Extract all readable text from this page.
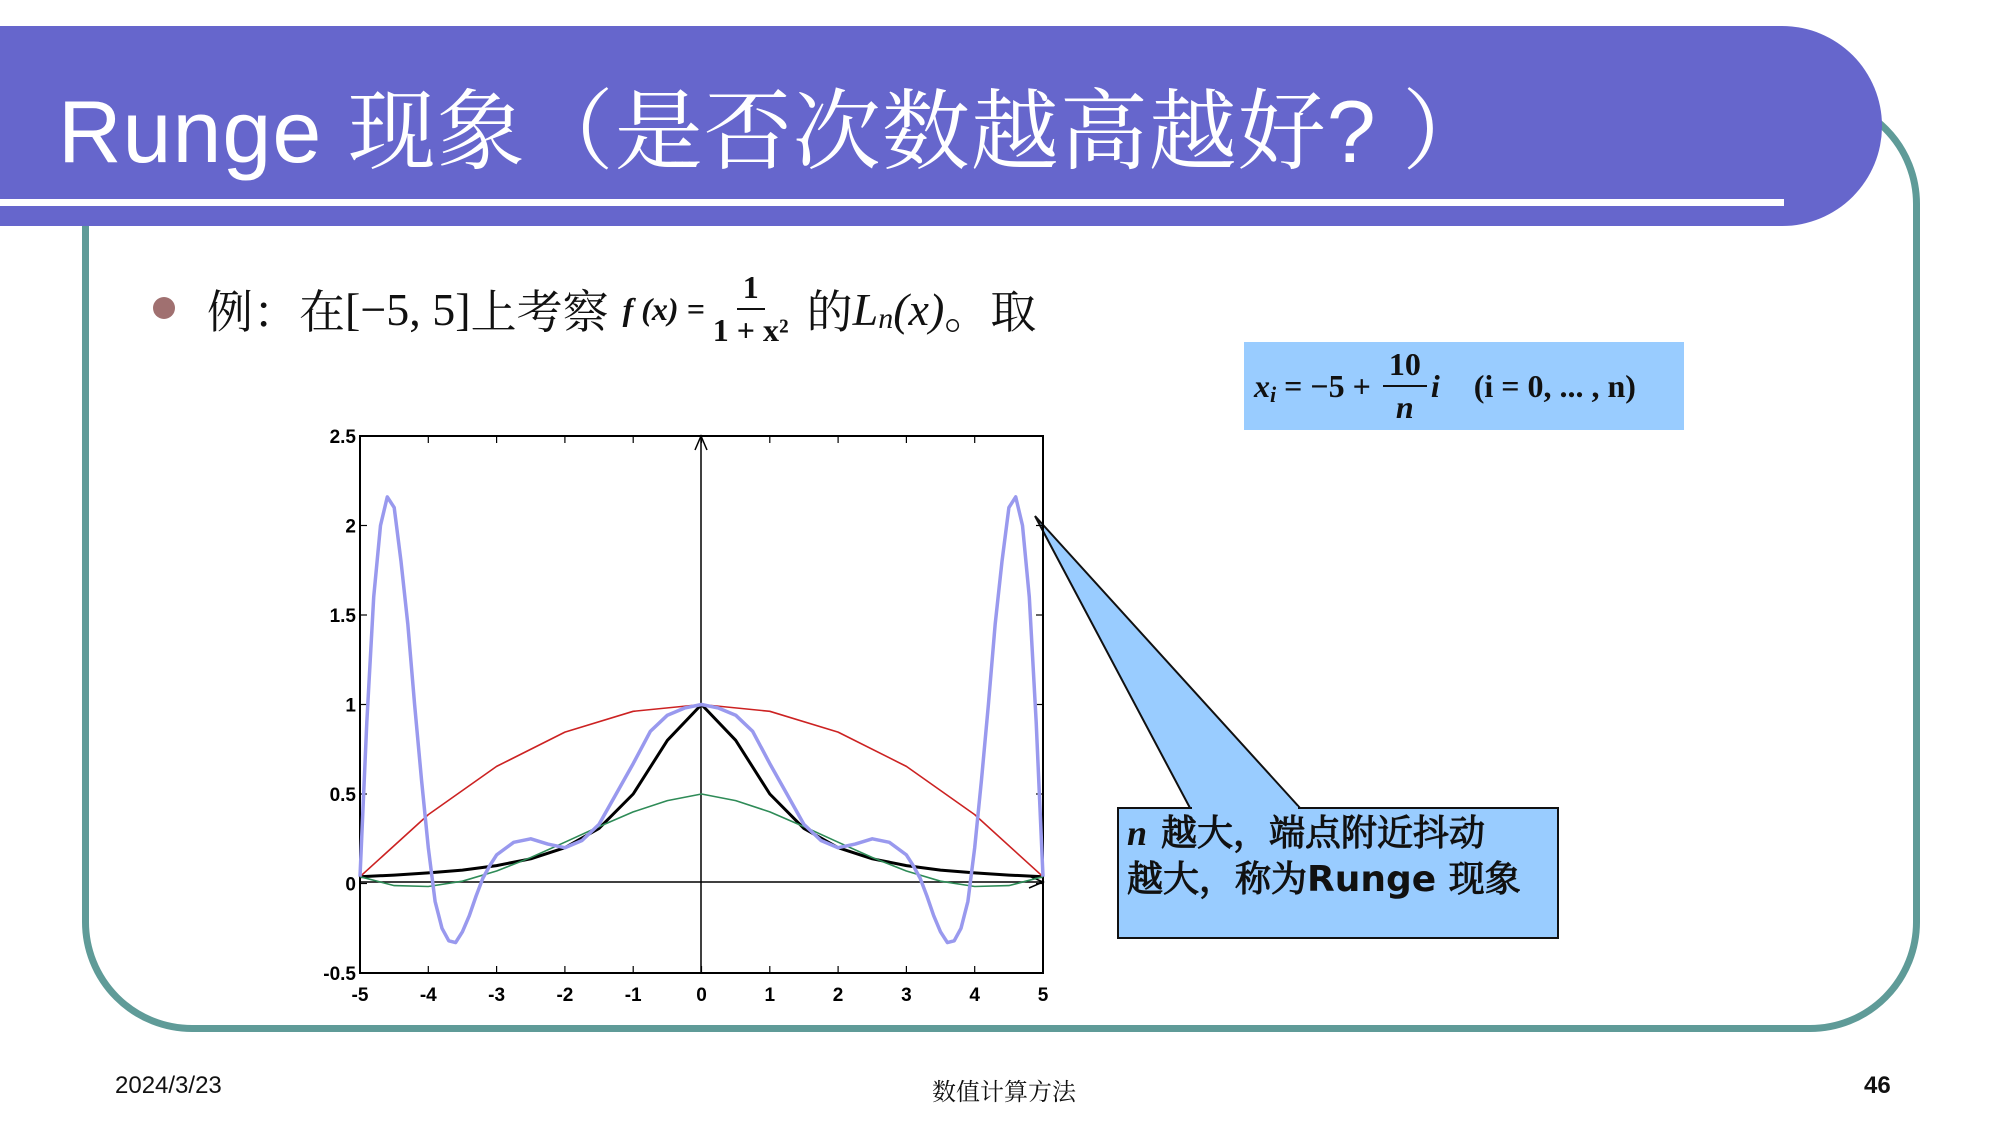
Runge 现象（是否次数越高越好? ）
例：在 [−5, 5] 上考察 f $(x) = \frac{1}{\text{1 + x²}}$ 的 L n (x) 。取
x $i = -5 + \frac{10}{n}$ i (i = 0, ... , n)
-5	-4	-3	-2	-1	0	1	2	3	4	5
2.5
2
1.5
1
0.5
0
-0.5
n 越大，端点附近抖动
越大，称为Runge 现象
2024/3/23	数值计算方法	46
